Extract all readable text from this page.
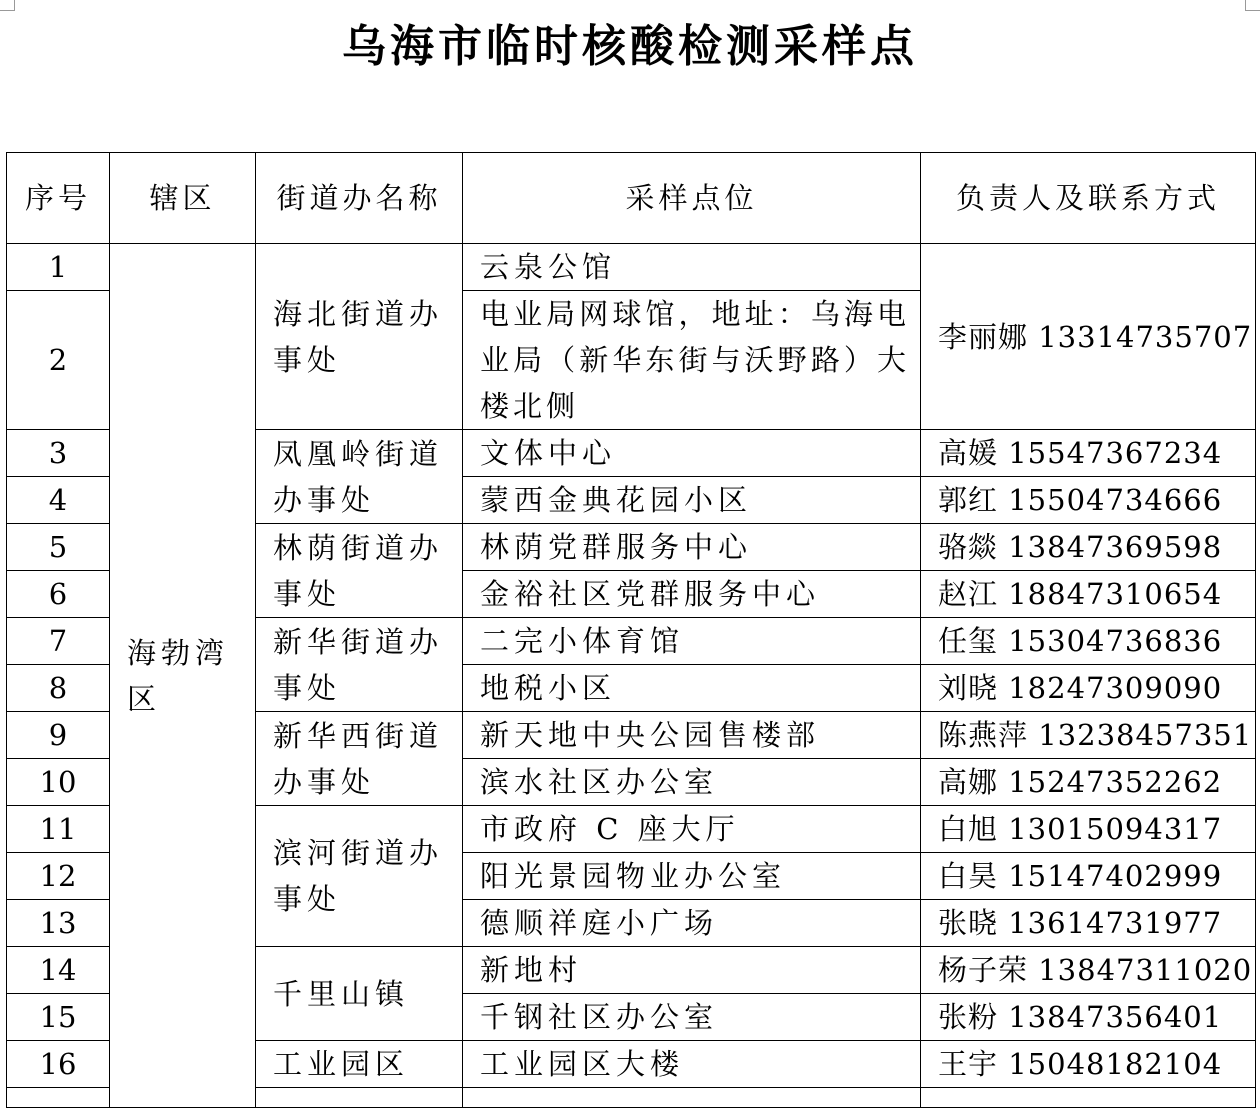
乌海市临时核酸检测采样点
序号	辖区	街道办名称	采样点位	负责人及联系方式
1	海勃湾区	海北街道办事处	云泉公馆	李丽娜 13314735707
2			电业局网球馆，地址：乌海电业局（新华东街与沃野路）大楼北侧	
3		凤凰岭街道办事处	文体中心	高媛 15547367234
4			蒙西金典花园小区	郭红 15504734666
5		林荫街道办事处	林荫党群服务中心	骆燚 13847369598
6			金裕社区党群服务中心	赵江 18847310654
7		新华街道办事处	二完小体育馆	任玺 15304736836
8			地税小区	刘晓 18247309090
9		新华西街道办事处	新天地中央公园售楼部	陈燕萍 13238457351
10			滨水社区办公室	高娜 15247352262
11		滨河街道办事处	市政府 C 座大厅	白旭 13015094317
12			阳光景园物业办公室	白昊 15147402999
13			德顺祥庭小广场	张晓 13614731977
14		千里山镇	新地村	杨子荣 13847311020
15			千钢社区办公室	张粉 13847356401
16		工业园区	工业园区大楼	王宇 15048182104
